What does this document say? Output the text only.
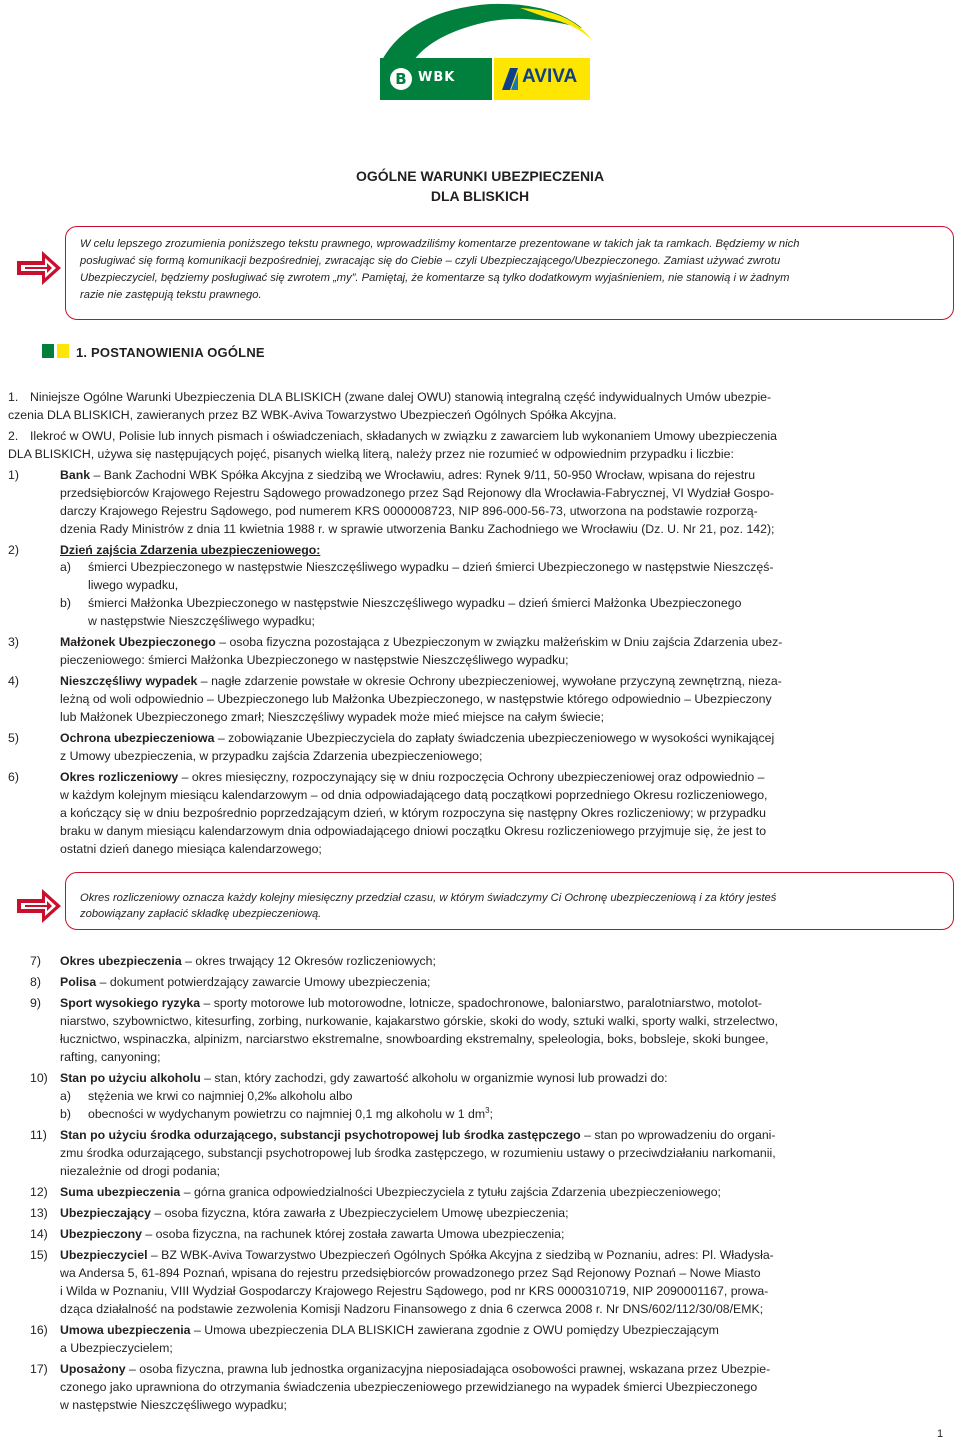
B WBK	AVIVA
OGÓLNE WARUNKI UBEZPIECZENIA
DLA BLISKICH
W celu lepszego zrozumienia poniższego tekstu prawnego, wprowadziliśmy komentarze prezentowane w takich jak ta ramkach. Będziemy w nich
posługiwać się formą komunikacji bezpośredniej, zwracając się do Ciebie – czyli Ubezpieczającego/Ubezpieczonego. Zamiast używać zwrotu
Ubezpieczyciel, będziemy posługiwać się zwrotem „my”. Pamiętaj, że komentarze są tylko dodatkowym wyjaśnieniem, nie stanowią i w żadnym
razie nie zastępują tekstu prawnego.
1. POSTANOWIENIA OGÓLNE
1. Niniejsze Ogólne Warunki Ubezpieczenia DLA BLISKICH (zwane dalej OWU) stanowią integralną część indywidualnych Umów ubezpie-
czenia DLA BLISKICH, zawieranych przez BZ WBK-Aviva Towarzystwo Ubezpieczeń Ogólnych Spółka Akcyjna.
2. Ilekroć w OWU, Polisie lub innych pismach i oświadczeniach, składanych w związku z zawarciem lub wykonaniem Umowy ubezpieczenia
DLA BLISKICH, używa się następujących pojęć, pisanych wielką literą, należy przez nie rozumieć w odpowiednim przypadku i liczbie:
1)	Bank – Bank Zachodni WBK Spółka Akcyjna z siedzibą we Wrocławiu, adres: Rynek 9/11, 50-950 Wrocław, wpisana do rejestru
przedsiębiorców Krajowego Rejestru Sądowego prowadzonego przez Sąd Rejonowy dla Wrocławia-Fabrycznej, VI Wydział Gospo-
darczy Krajowego Rejestru Sądowego, pod numerem KRS 0000008723, NIP 896-000-56-73, utworzona na podstawie rozporzą-
dzenia Rady Ministrów z dnia 11 kwietnia 1988 r. w sprawie utworzenia Banku Zachodniego we Wrocławiu (Dz. U. Nr 21, poz. 142);
2)	Dzień zajścia Zdarzenia ubezpieczeniowego:
a) śmierci Ubezpieczonego w następstwie Nieszczęśliwego wypadku – dzień śmierci Ubezpieczonego w następstwie Nieszczęś-
liwego wypadku,
b) śmierci Małżonka Ubezpieczonego w następstwie Nieszczęśliwego wypadku – dzień śmierci Małżonka Ubezpieczonego
w następstwie Nieszczęśliwego wypadku;
3)	Małżonek Ubezpieczonego – osoba fizyczna pozostająca z Ubezpieczonym w związku małżeńskim w Dniu zajścia Zdarzenia ubez-
pieczeniowego: śmierci Małżonka Ubezpieczonego w następstwie Nieszczęśliwego wypadku;
4)	Nieszczęśliwy wypadek – nagłe zdarzenie powstałe w okresie Ochrony ubezpieczeniowej, wywołane przyczyną zewnętrzną, nieza-
leżną od woli odpowiednio – Ubezpieczonego lub Małżonka Ubezpieczonego, w następstwie którego odpowiednio – Ubezpieczony
lub Małżonek Ubezpieczonego zmarł; Nieszczęśliwy wypadek może mieć miejsce na całym świecie;
5)	Ochrona ubezpieczeniowa – zobowiązanie Ubezpieczyciela do zapłaty świadczenia ubezpieczeniowego w wysokości wynikającej
z Umowy ubezpieczenia, w przypadku zajścia Zdarzenia ubezpieczeniowego;
6)	Okres rozliczeniowy – okres miesięczny, rozpoczynający się w dniu rozpoczęcia Ochrony ubezpieczeniowej oraz odpowiednio –
w każdym kolejnym miesiącu kalendarzowym – od dnia odpowiadającego datą początkowi poprzedniego Okresu rozliczeniowego,
a kończący się w dniu bezpośrednio poprzedzającym dzień, w którym rozpoczyna się następny Okres rozliczeniowy; w przypadku
braku w danym miesiącu kalendarzowym dnia odpowiadającego dniowi początku Okresu rozliczeniowego przyjmuje się, że jest to
ostatni dzień danego miesiąca kalendarzowego;
Okres rozliczeniowy oznacza każdy kolejny miesięczny przedział czasu, w którym świadczymy Ci Ochronę ubezpieczeniową i za który jesteś
zobowiązany zapłacić składkę ubezpieczeniową.
7) Okres ubezpieczenia – okres trwający 12 Okresów rozliczeniowych;
8) Polisa – dokument potwierdzający zawarcie Umowy ubezpieczenia;
9) Sport wysokiego ryzyka – sporty motorowe lub motorowodne, lotnicze, spadochronowe, baloniarstwo, paralotniarstwo, motolot-
niarstwo, szybownictwo, kitesurfing, zorbing, nurkowanie, kajakarstwo górskie, skoki do wody, sztuki walki, sporty walki, strzelectwo,
łucznictwo, wspinaczka, alpinizm, narciarstwo ekstremalne, snowboarding ekstremalny, speleologia, boks, bobsleje, skoki bungee,
rafting, canyoning;
10) Stan po użyciu alkoholu – stan, który zachodzi, gdy zawartość alkoholu w organizmie wynosi lub prowadzi do:
a) stężenia we krwi co najmniej 0,2‰ alkoholu albo
b) obecności w wydychanym powietrzu co najmniej 0,1 mg alkoholu w 1 $dm^3$;
11) Stan po użyciu środka odurzającego, substancji psychotropowej lub środka zastępczego – stan po wprowadzeniu do organi-
zmu środka odurzającego, substancji psychotropowej lub środka zastępczego, w rozumieniu ustawy o przeciwdziałaniu narkomanii,
niezależnie od drogi podania;
12) Suma ubezpieczenia – górna granica odpowiedzialności Ubezpieczyciela z tytułu zajścia Zdarzenia ubezpieczeniowego;
13) Ubezpieczający – osoba fizyczna, która zawarła z Ubezpieczycielem Umowę ubezpieczenia;
14) Ubezpieczony – osoba fizyczna, na rachunek której została zawarta Umowa ubezpieczenia;
15) Ubezpieczyciel – BZ WBK-Aviva Towarzystwo Ubezpieczeń Ogólnych Spółka Akcyjna z siedzibą w Poznaniu, adres: Pl. Władysła-
wa Andersa 5, 61-894 Poznań, wpisana do rejestru przedsiębiorców prowadzonego przez Sąd Rejonowy Poznań – Nowe Miasto
i Wilda w Poznaniu, VIII Wydział Gospodarczy Krajowego Rejestru Sądowego, pod nr KRS 0000310719, NIP 2090001167, prowa-
dząca działalność na podstawie zezwolenia Komisji Nadzoru Finansowego z dnia 6 czerwca 2008 r. Nr DNS/602/112/30/08/EMK;
16) Umowa ubezpieczenia – Umowa ubezpieczenia DLA BLISKICH zawierana zgodnie z OWU pomiędzy Ubezpieczającym
a Ubezpieczycielem;
17) Uposażony – osoba fizyczna, prawna lub jednostka organizacyjna nieposiadająca osobowości prawnej, wskazana przez Ubezpie-
czonego jako uprawniona do otrzymania świadczenia ubezpieczeniowego przewidzianego na wypadek śmierci Ubezpieczonego
w następstwie Nieszczęśliwego wypadku;
1
